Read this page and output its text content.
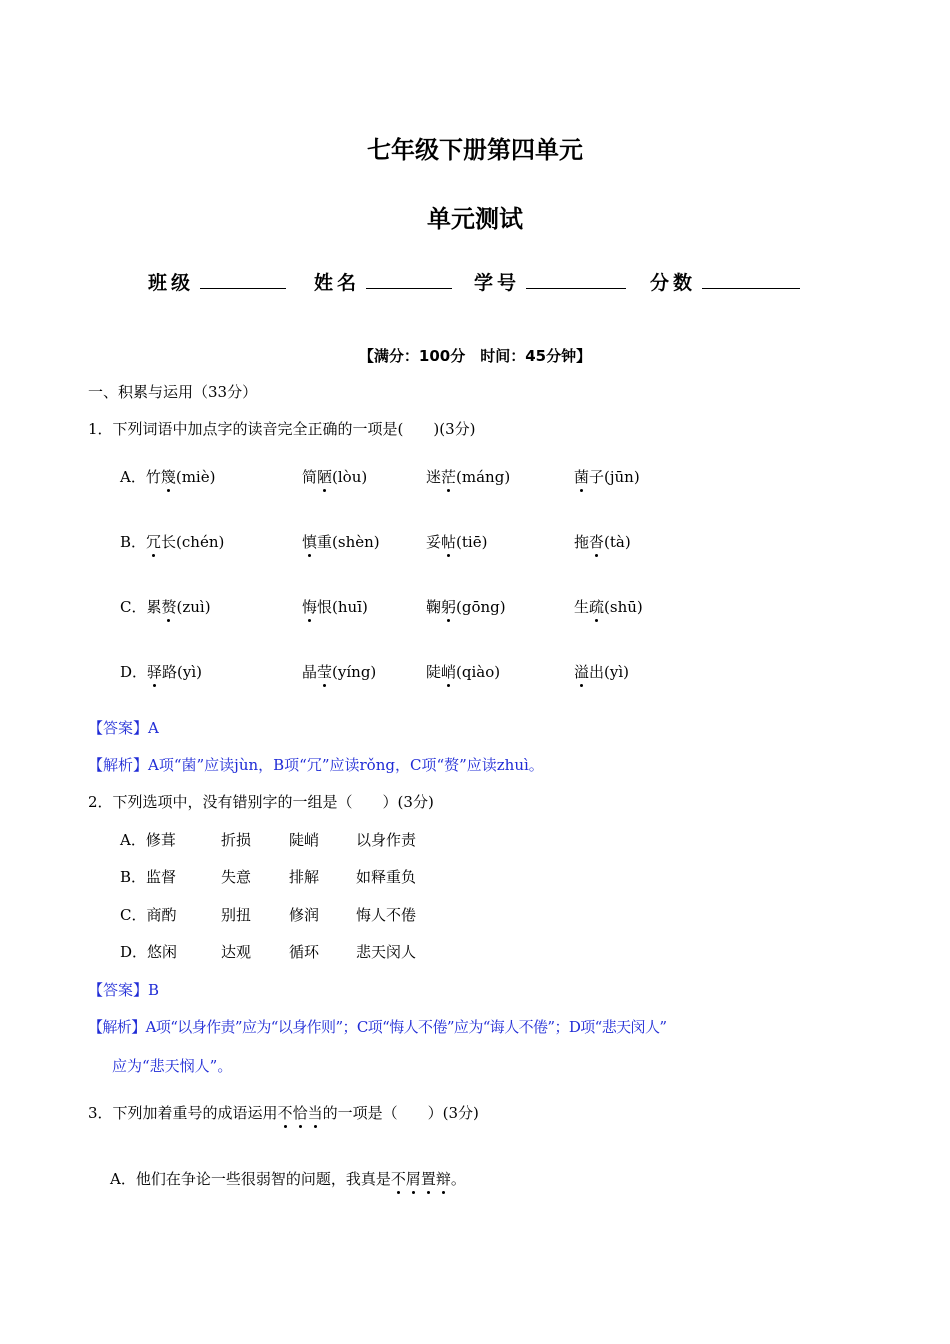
七年级下册第四单元
单元测试
班级	姓名	学号	分数
【满分：100分　时间：45分钟】
一、积累与运用（33分）
1．下列词语中加点字的读音完全正确的一项是(　　)(3分)
A．竹篾(miè)	简陋(lòu)	迷茫(máng)	菌子(jūn)
B．冗长(chén)	慎重(shèn)	妥帖(tiē)	拖沓(tà)
C．累赘(zuì)	悔恨(huī)	鞠躬(gōng)	生疏(shū)
D．驿路(yì)	晶莹(yíng)	陡峭(qiào)	溢出(yì)
【答案】A
【解析】A项“菌”应读jùn，B项“冗”应读rǒng，C项“赘”应读zhuì。
2．下列选项中，没有错别字的一组是（　　）(3分)
A．修葺	折损	陡峭 以身作责
B．监督	失意	排解 如释重负
C．商酌	别扭	修润 悔人不倦
D．悠闲	达观	循环 悲天闵人
【答案】B
【解析】A项“以身作责”应为“以身作则”；C项“悔人不倦”应为“诲人不倦”；D项“悲天闵人”
应为“悲天悯人”。
3．下列加着重号的成语运用不恰当的一项是（　　）(3分)
A．他们在争论一些很弱智的问题，我真是不屑置辩。
